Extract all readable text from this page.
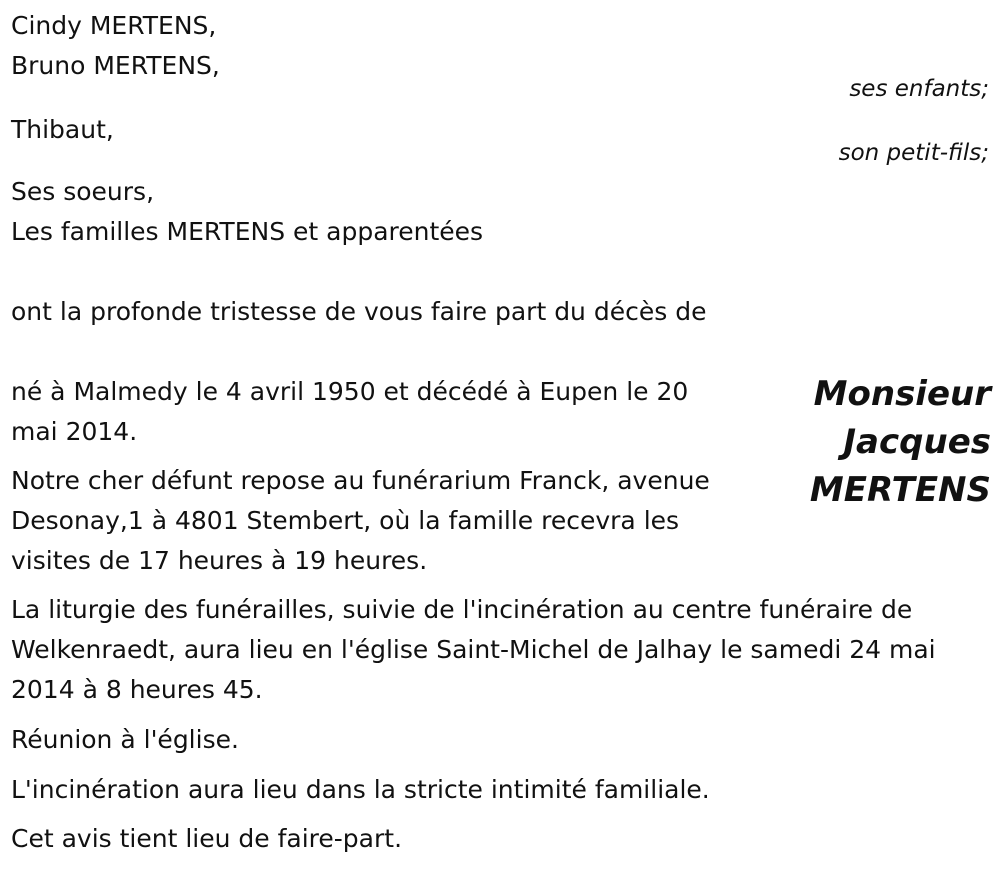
Cindy MERTENS,

Bruno MERTENS,

ses enfants;

Thibaut,

son petit-fils;

Ses soeurs,

Les familles MERTENS et apparentées

ont la profonde tristesse de vous faire part du décès de

né à Malmedy le 4 avril 1950 et décédé à Eupen le 20 mai 2014.

Notre cher défunt repose au funérarium Franck, avenue Desonay,1 à 4801 Stembert, où la famille recevra les visites de 17 heures à 19 heures.

Monsieur
Jacques
MERTENS

La liturgie des funérailles, suivie de l'incinération au centre funéraire de Welkenraedt, aura lieu en l'église Saint-Michel de Jalhay le samedi 24 mai 2014 à 8 heures 45.

Réunion à l'église.

L'incinération aura lieu dans la stricte intimité familiale.

Cet avis tient lieu de faire-part.
